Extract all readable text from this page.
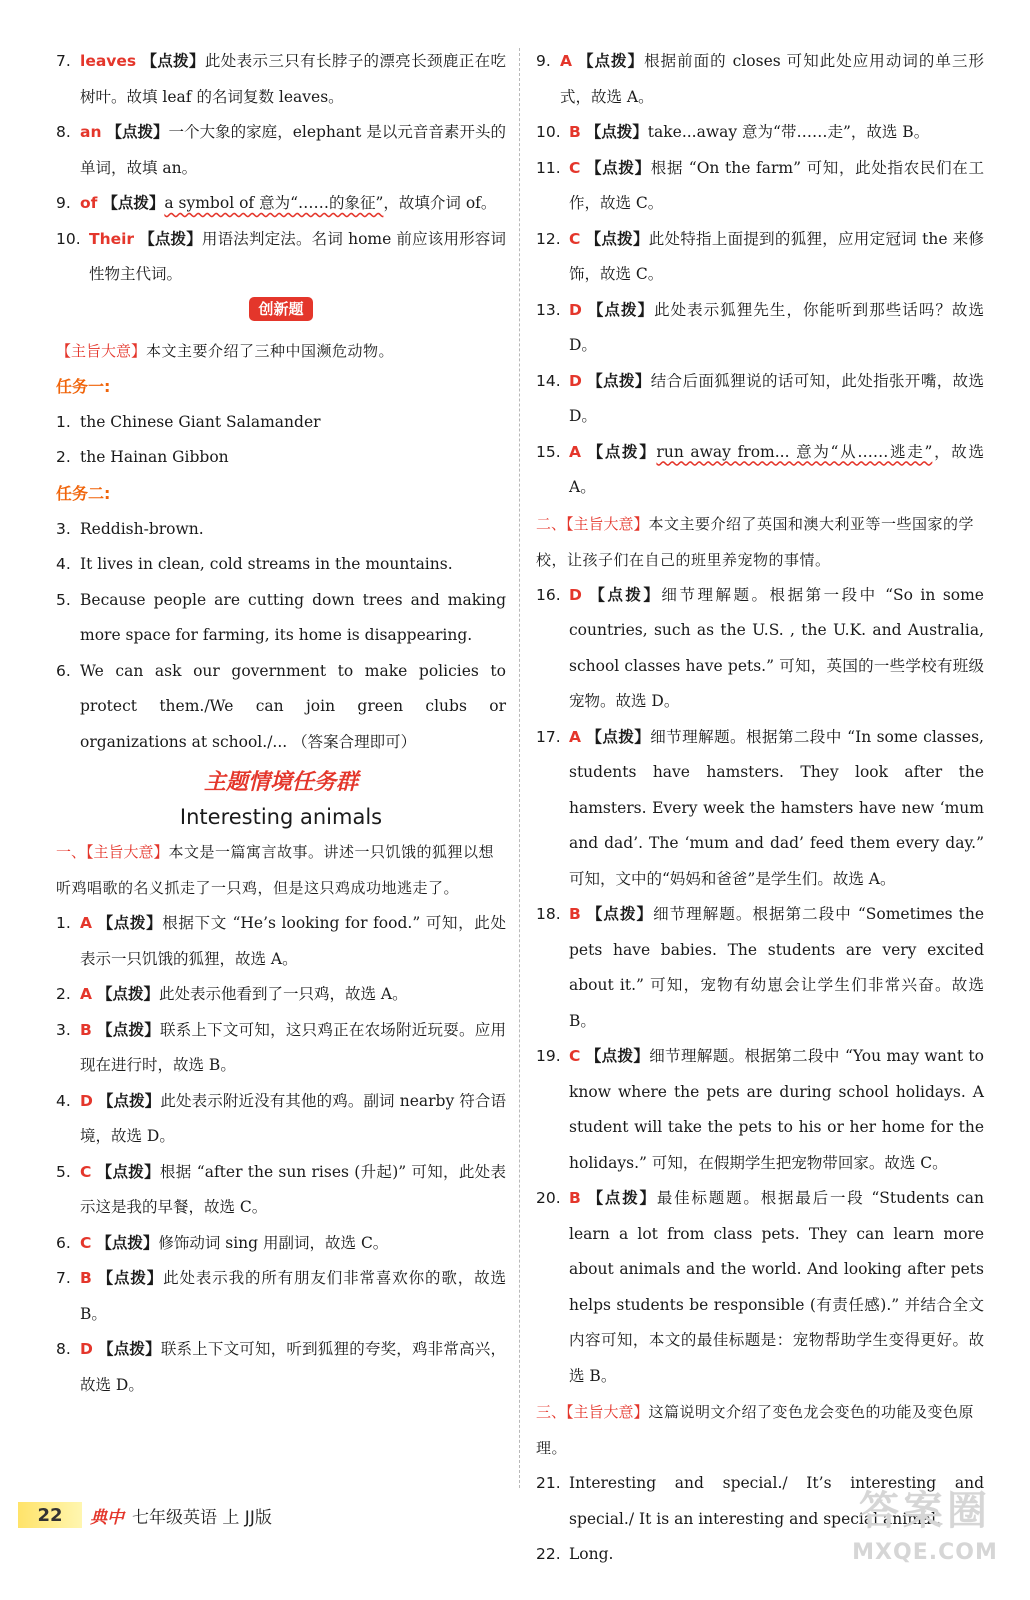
7. leaves 【点拨】此处表示三只有长脖子的漂亮长颈鹿正在吃树叶。故填 leaf 的名词复数 leaves。
8. an 【点拨】一个大象的家庭，elephant 是以元音音素开头的单词，故填 an。
9. of 【点拨】a symbol of 意为“……的象征”，故填介词 of。
10. Their 【点拨】用语法判定法。名词 home 前应该用形容词性物主代词。
创新题
【主旨大意】本文主要介绍了三种中国濒危动物。
任务一:
1. the Chinese Giant Salamander
2. the Hainan Gibbon
任务二:
3. Reddish-brown.
4. It lives in clean, cold streams in the mountains.
5. Because people are cutting down trees and making more space for farming, its home is disappearing.
6. We can ask our government to make policies to protect them./We can join green clubs or organizations at school./... （答案合理即可）
主题情境任务群
Interesting animals
一、【主旨大意】本文是一篇寓言故事。讲述一只饥饿的狐狸以想听鸡唱歌的名义抓走了一只鸡，但是这只鸡成功地逃走了。
1. A 【点拨】根据下文 “He’s looking for food.” 可知，此处表示一只饥饿的狐狸，故选 A。
2. A 【点拨】此处表示他看到了一只鸡，故选 A。
3. B 【点拨】联系上下文可知，这只鸡正在农场附近玩耍。应用现在进行时，故选 B。
4. D 【点拨】此处表示附近没有其他的鸡。副词 nearby 符合语境，故选 D。
5. C 【点拨】根据 “after the sun rises (升起)” 可知，此处表示这是我的早餐，故选 C。
6. C 【点拨】修饰动词 sing 用副词，故选 C。
7. B 【点拨】此处表示我的所有朋友们非常喜欢你的歌，故选 B。
8. D 【点拨】联系上下文可知，听到狐狸的夸奖，鸡非常高兴，故选 D。
9. A 【点拨】根据前面的 closes 可知此处应用动词的单三形式，故选 A。
10. B 【点拨】take...away 意为“带……走”，故选 B。
11. C 【点拨】根据 “On the farm” 可知，此处指农民们在工作，故选 C。
12. C 【点拨】此处特指上面提到的狐狸，应用定冠词 the 来修饰，故选 C。
13. D 【点拨】此处表示狐狸先生，你能听到那些话吗？故选 D。
14. D 【点拨】结合后面狐狸说的话可知，此处指张开嘴，故选 D。
15. A 【点拨】run away from... 意为“从……逃走”，故选 A。
二、【主旨大意】本文主要介绍了英国和澳大利亚等一些国家的学校，让孩子们在自己的班里养宠物的事情。
16. D 【点拨】细节理解题。根据第一段中 “So in some countries, such as the U.S. , the U.K. and Australia, school classes have pets.” 可知，英国的一些学校有班级宠物。故选 D。
17. A 【点拨】细节理解题。根据第二段中 “In some classes, students have hamsters. They look after the hamsters. Every week the hamsters have new ‘mum and dad’. The ‘mum and dad’ feed them every day.” 可知，文中的“妈妈和爸爸”是学生们。故选 A。
18. B 【点拨】细节理解题。根据第二段中 “Sometimes the pets have babies. The students are very excited about it.” 可知，宠物有幼崽会让学生们非常兴奋。故选 B。
19. C 【点拨】细节理解题。根据第二段中 “You may want to know where the pets are during school holidays. A student will take the pets to his or her home for the holidays.” 可知，在假期学生把宠物带回家。故选 C。
20. B 【点拨】最佳标题题。根据最后一段 “Students can learn a lot from class pets. They can learn more about animals and the world. And looking after pets helps students be responsible (有责任感).” 并结合全文内容可知，本文的最佳标题是：宠物帮助学生变得更好。故选 B。
三、【主旨大意】这篇说明文介绍了变色龙会变色的功能及变色原理。
21. Interesting and special./ It’s interesting and special./ It is an interesting and special animal.
22. Long.
22	典中 七年级英语 上 JJ版	答案圈
MXQE.COM
